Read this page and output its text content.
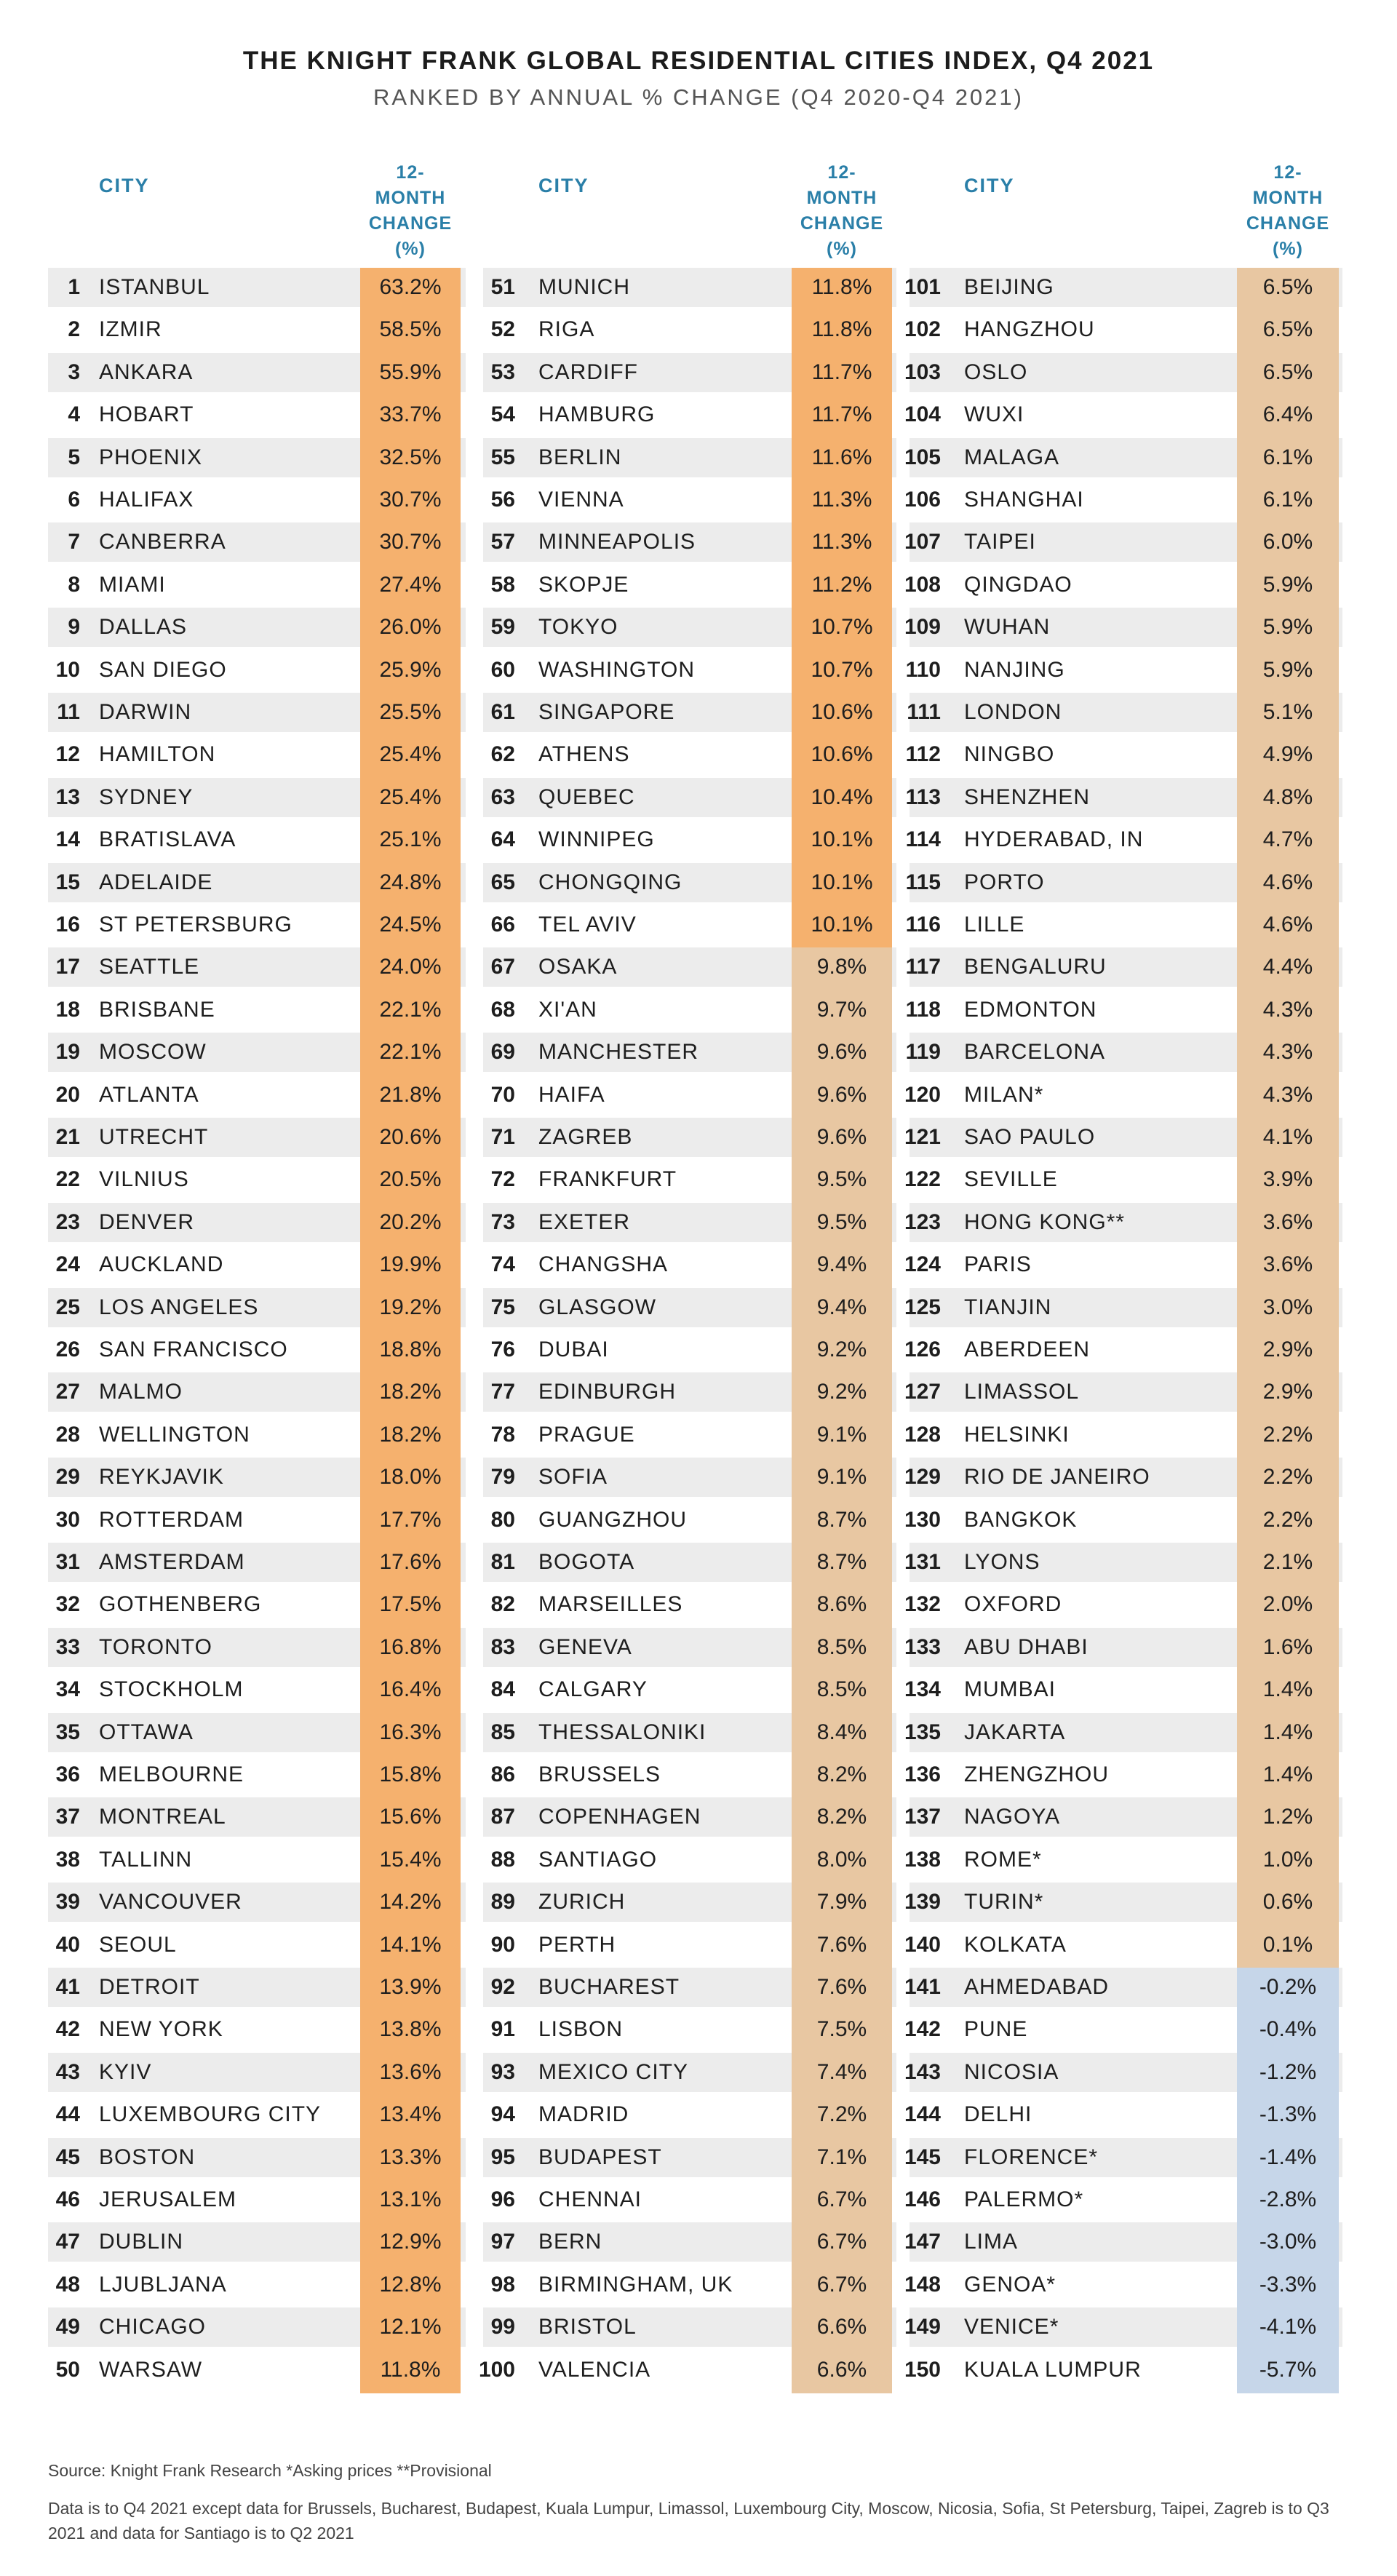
THE KNIGHT FRANK GLOBAL RESIDENTIAL CITIES INDEX, Q4 2021
RANKED BY ANNUAL % CHANGE (Q4 2020-Q4 2021)
CITY
12-
MONTH
CHANGE
(%)
CITY
12-
MONTH
CHANGE
(%)
CITY
12-
MONTH
CHANGE
(%)
1 ISTANBUL	63.2%
2 IZMIR	58.5%
3 ANKARA	55.9%
4 HOBART	33.7%
5 PHOENIX	32.5%
6 HALIFAX	30.7%
7 CANBERRA	30.7%
8 MIAMI	27.4%
9 DALLAS	26.0%
10 SAN DIEGO	25.9%
11 DARWIN	25.5%
12 HAMILTON	25.4%
13 SYDNEY	25.4%
14 BRATISLAVA	25.1%
15 ADELAIDE	24.8%
16 ST PETERSBURG	24.5%
17 SEATTLE	24.0%
18 BRISBANE	22.1%
19 MOSCOW	22.1%
20 ATLANTA	21.8%
21 UTRECHT	20.6%
22 VILNIUS	20.5%
23 DENVER	20.2%
24 AUCKLAND	19.9%
25 LOS ANGELES	19.2%
26 SAN FRANCISCO	18.8%
27 MALMO	18.2%
28 WELLINGTON	18.2%
29 REYKJAVIK	18.0%
30 ROTTERDAM	17.7%
31 AMSTERDAM	17.6%
32 GOTHENBERG	17.5%
33 TORONTO	16.8%
34 STOCKHOLM	16.4%
35 OTTAWA	16.3%
36 MELBOURNE	15.8%
37 MONTREAL	15.6%
38 TALLINN	15.4%
39 VANCOUVER	14.2%
40 SEOUL	14.1%
41 DETROIT	13.9%
42 NEW YORK	13.8%
43 KYIV	13.6%
44 LUXEMBOURG CITY	13.4%
45 BOSTON	13.3%
46 JERUSALEM	13.1%
47 DUBLIN	12.9%
48 LJUBLJANA	12.8%
49 CHICAGO	12.1%
50 WARSAW	11.8%
51 MUNICH	11.8%
52 RIGA	11.8%
53 CARDIFF	11.7%
54 HAMBURG	11.7%
55 BERLIN	11.6%
56 VIENNA	11.3%
57 MINNEAPOLIS	11.3%
58 SKOPJE	11.2%
59 TOKYO	10.7%
60 WASHINGTON	10.7%
61 SINGAPORE	10.6%
62 ATHENS	10.6%
63 QUEBEC	10.4%
64 WINNIPEG	10.1%
65 CHONGQING	10.1%
66 TEL AVIV	10.1%
67 OSAKA	9.8%
68 XI'AN	9.7%
69 MANCHESTER	9.6%
70 HAIFA	9.6%
71 ZAGREB	9.6%
72 FRANKFURT	9.5%
73 EXETER	9.5%
74 CHANGSHA	9.4%
75 GLASGOW	9.4%
76 DUBAI	9.2%
77 EDINBURGH	9.2%
78 PRAGUE	9.1%
79 SOFIA	9.1%
80 GUANGZHOU	8.7%
81 BOGOTA	8.7%
82 MARSEILLES	8.6%
83 GENEVA	8.5%
84 CALGARY	8.5%
85 THESSALONIKI	8.4%
86 BRUSSELS	8.2%
87 COPENHAGEN	8.2%
88 SANTIAGO	8.0%
89 ZURICH	7.9%
90 PERTH	7.6%
92 BUCHAREST	7.6%
91 LISBON	7.5%
93 MEXICO CITY	7.4%
94 MADRID	7.2%
95 BUDAPEST	7.1%
96 CHENNAI	6.7%
97 BERN	6.7%
98 BIRMINGHAM, UK	6.7%
99 BRISTOL	6.6%
100 VALENCIA	6.6%
101 BEIJING	6.5%
102 HANGZHOU	6.5%
103 OSLO	6.5%
104 WUXI	6.4%
105 MALAGA	6.1%
106 SHANGHAI	6.1%
107 TAIPEI	6.0%
108 QINGDAO	5.9%
109 WUHAN	5.9%
110 NANJING	5.9%
111 LONDON	5.1%
112 NINGBO	4.9%
113 SHENZHEN	4.8%
114 HYDERABAD, IN	4.7%
115 PORTO	4.6%
116 LILLE	4.6%
117 BENGALURU	4.4%
118 EDMONTON	4.3%
119 BARCELONA	4.3%
120 MILAN*	4.3%
121 SAO PAULO	4.1%
122 SEVILLE	3.9%
123 HONG KONG**	3.6%
124 PARIS	3.6%
125 TIANJIN	3.0%
126 ABERDEEN	2.9%
127 LIMASSOL	2.9%
128 HELSINKI	2.2%
129 RIO DE JANEIRO	2.2%
130 BANGKOK	2.2%
131 LYONS	2.1%
132 OXFORD	2.0%
133 ABU DHABI	1.6%
134 MUMBAI	1.4%
135 JAKARTA	1.4%
136 ZHENGZHOU	1.4%
137 NAGOYA	1.2%
138 ROME*	1.0%
139 TURIN*	0.6%
140 KOLKATA	0.1%
141 AHMEDABAD	-0.2%
142 PUNE	-0.4%
143 NICOSIA	-1.2%
144 DELHI	-1.3%
145 FLORENCE*	-1.4%
146 PALERMO*	-2.8%
147 LIMA	-3.0%
148 GENOA*	-3.3%
149 VENICE*	-4.1%
150 KUALA LUMPUR	-5.7%
Source: Knight Frank Research *Asking prices **Provisional
Data is to Q4 2021 except data for Brussels, Bucharest, Budapest, Kuala Lumpur, Limassol, Luxembourg City, Moscow, Nicosia, Sofia, St Petersburg, Taipei, Zagreb is to Q3 2021 and data for Santiago is to Q2 2021
